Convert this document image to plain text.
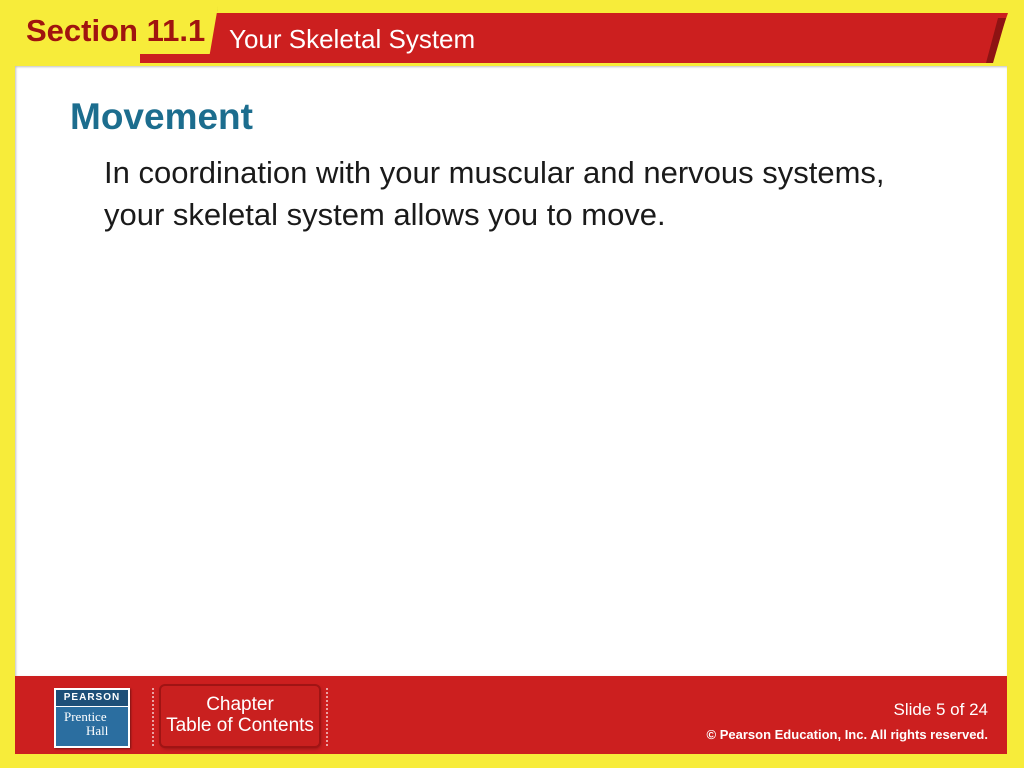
Your Skeletal System
Section 11.1
Movement
In coordination with your muscular and nervous systems, your skeletal system allows you to move.
PEARSON
Prentice
Hall
Chapter
Table of Contents
Slide 5 of 24
© Pearson Education, Inc. All rights reserved.
